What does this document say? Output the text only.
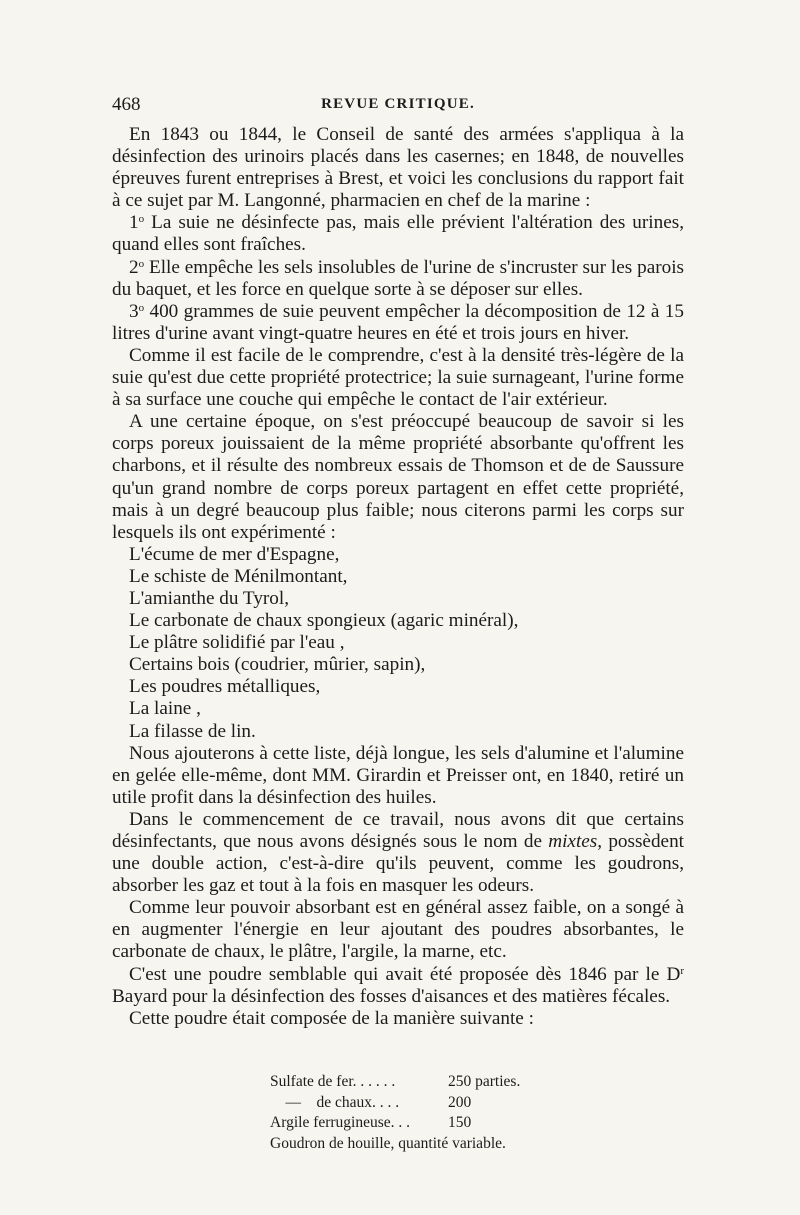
468	REVUE CRITIQUE.

En 1843 ou 1844, le Conseil de santé des armées s'appliqua à la désinfection des urinoirs placés dans les casernes; en 1848, de nouvelles épreuves furent entreprises à Brest, et voici les conclusions du rapport fait à ce sujet par M. Langonné, pharmacien en chef de la marine :

1$^o$ La suie ne désinfecte pas, mais elle prévient l'altération des urines, quand elles sont fraîches.

2$^o$ Elle empêche les sels insolubles de l'urine de s'incruster sur les parois du baquet, et les force en quelque sorte à se déposer sur elles.

3$^o$ 400 grammes de suie peuvent empêcher la décomposition de 12 à 15 litres d'urine avant vingt-quatre heures en été et trois jours en hiver.

Comme il est facile de le comprendre, c'est à la densité très-légère de la suie qu'est due cette propriété protectrice; la suie surnageant, l'urine forme à sa surface une couche qui empêche le contact de l'air extérieur.

A une certaine époque, on s'est préoccupé beaucoup de savoir si les corps poreux jouissaient de la même propriété absorbante qu'offrent les charbons, et il résulte des nombreux essais de Thomson et de de Saussure qu'un grand nombre de corps poreux partagent en effet cette propriété, mais à un degré beaucoup plus faible; nous citerons parmi les corps sur lesquels ils ont expérimenté :

L'écume de mer d'Espagne,
Le schiste de Ménilmontant,
L'amianthe du Tyrol,
Le carbonate de chaux spongieux (agaric minéral),
Le plâtre solidifié par l'eau ,
Certains bois (coudrier, mûrier, sapin),
Les poudres métalliques,
La laine ,
La filasse de lin.

Nous ajouterons à cette liste, déjà longue, les sels d'alumine et l'alumine en gelée elle-même, dont MM. Girardin et Preisser ont, en 1840, retiré un utile profit dans la désinfection des huiles.

Dans le commencement de ce travail, nous avons dit que certains désinfectants, que nous avons désignés sous le nom de mixtes, possèdent une double action, c'est-à-dire qu'ils peuvent, comme les goudrons, absorber les gaz et tout à la fois en masquer les odeurs.

Comme leur pouvoir absorbant est en général assez faible, on a songé à en augmenter l'énergie en leur ajoutant des poudres absorbantes, le carbonate de chaux, le plâtre, l'argile, la marne, etc.

C'est une poudre semblable qui avait été proposée dès 1846 par le $D^r$ Bayard pour la désinfection des fosses d'aisances et des matières fécales.

Cette poudre était composée de la manière suivante :

Sulfate de fer. . . . . .	250 parties.
—    de chaux. . . .	200
Argile ferrugineuse. . .	150
Goudron de houille, quantité variable.
